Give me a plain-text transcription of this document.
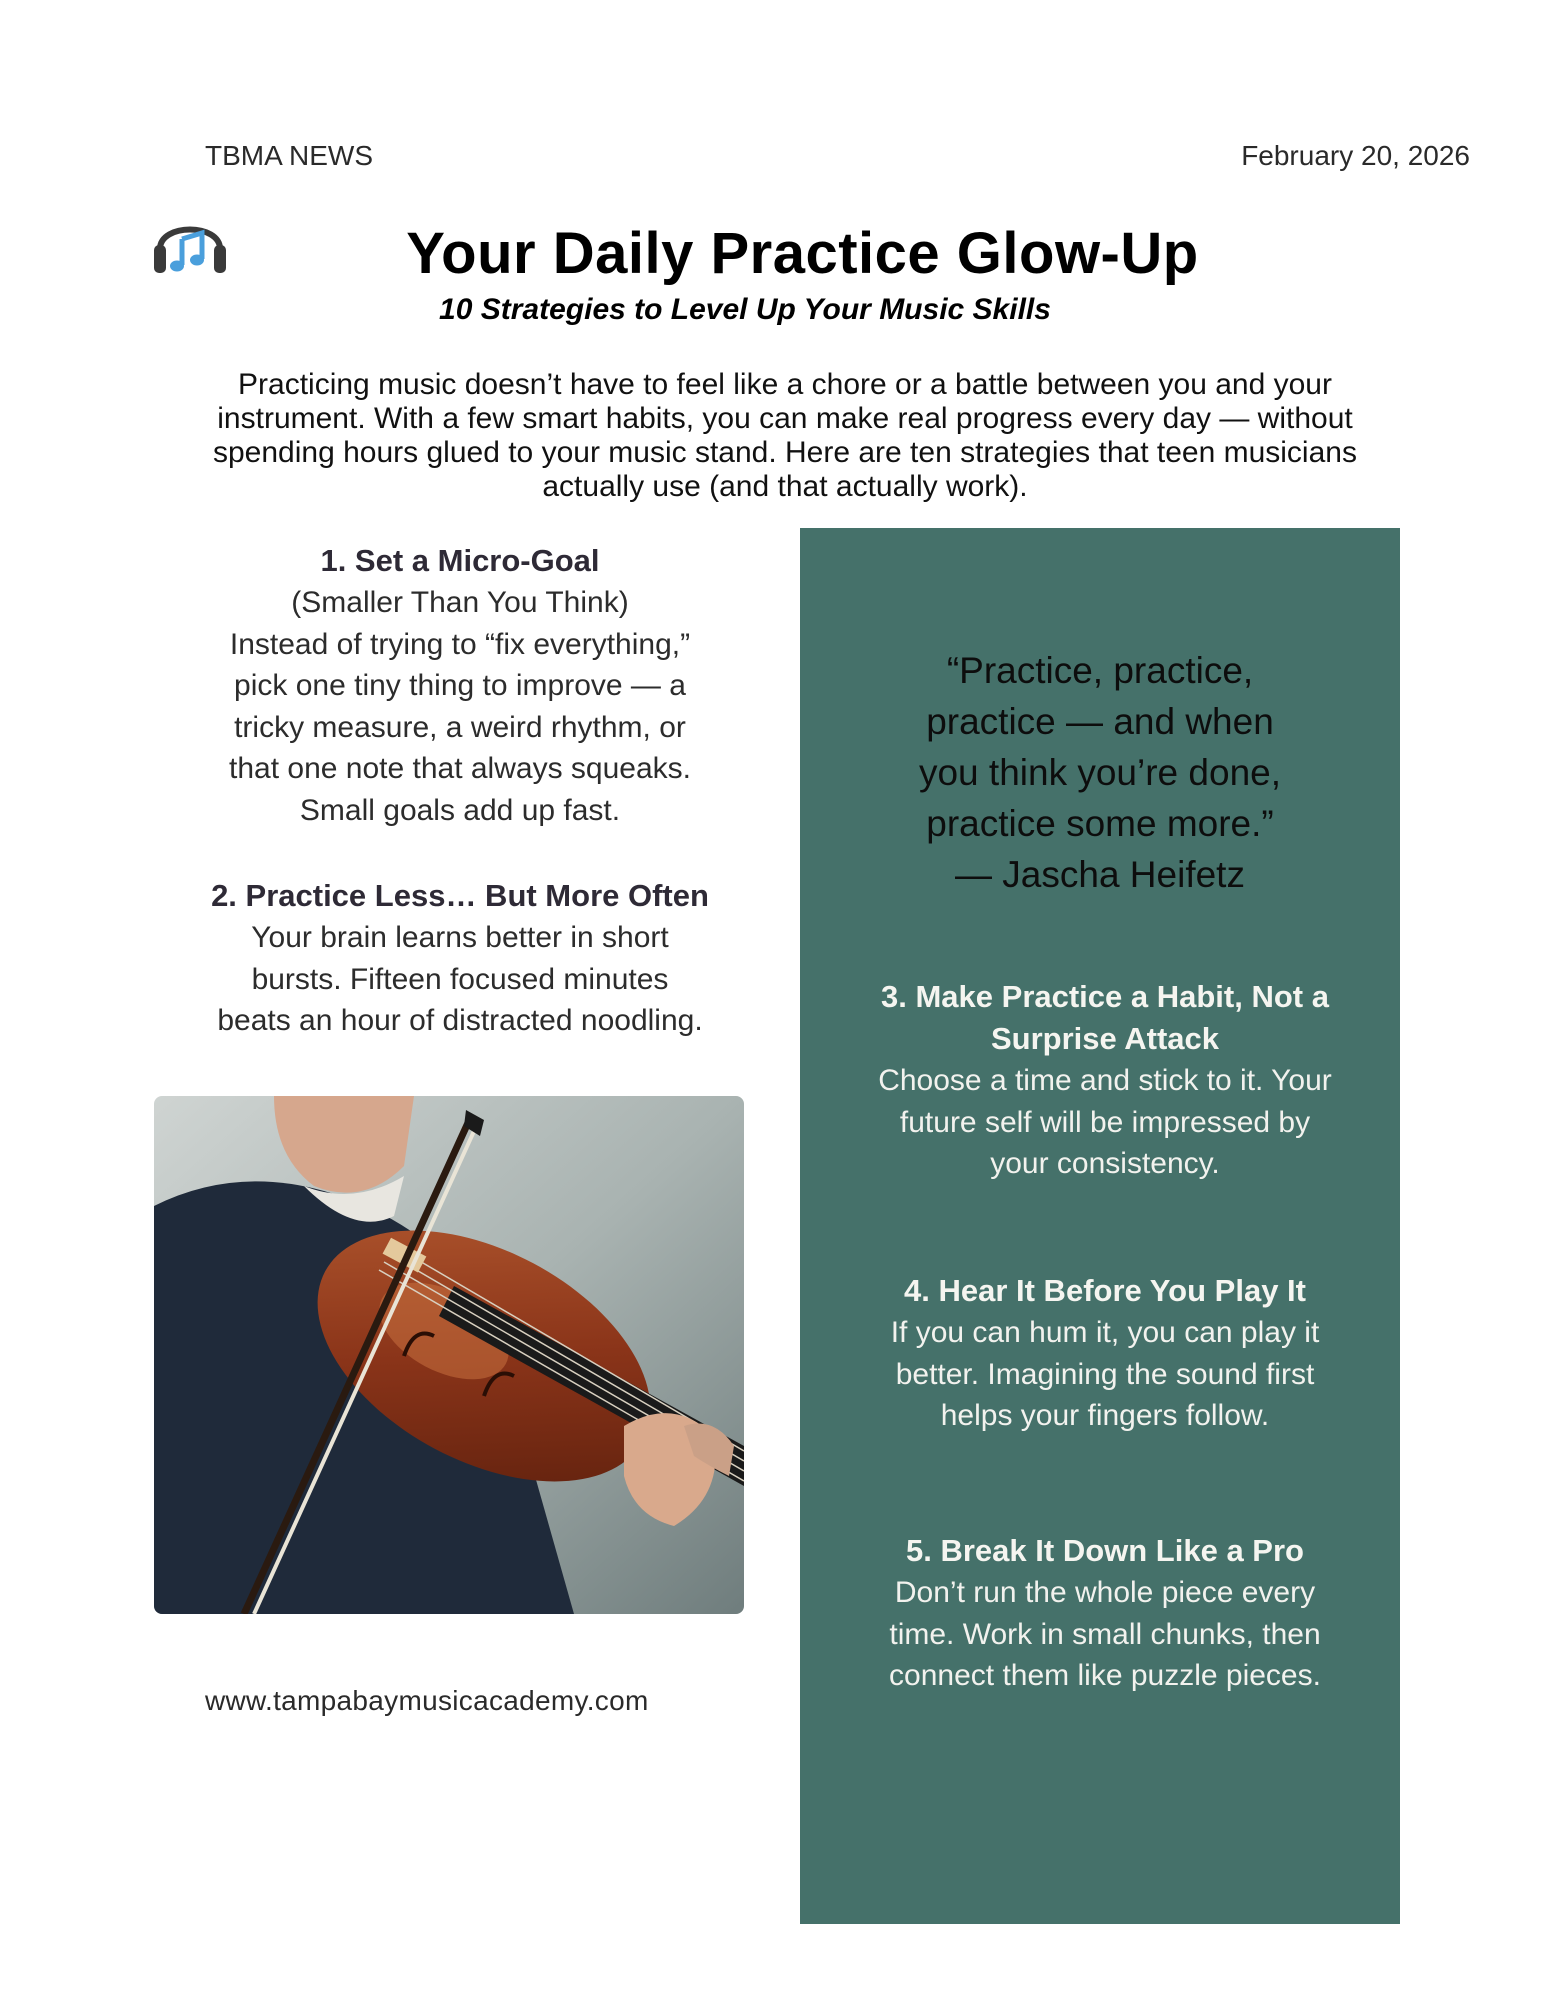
TBMA NEWS	February 20, 2026
Your Daily Practice Glow-Up
10 Strategies to Level Up Your Music Skills
Practicing music doesn’t have to feel like a chore or a battle between you and your
instrument. With a few smart habits, you can make real progress every day — without
spending hours glued to your music stand. Here are ten strategies that teen musicians
actually use (and that actually work).
1. Set a Micro-Goal
(Smaller Than You Think)
Instead of trying to “fix everything,”
pick one tiny thing to improve — a
tricky measure, a weird rhythm, or
that one note that always squeaks.
Small goals add up fast.
2. Practice Less… But More Often
Your brain learns better in short
bursts. Fifteen focused minutes
beats an hour of distracted noodling.
www.tampabaymusicacademy.com
“Practice, practice,
practice — and when
you think you’re done,
practice some more.”
— Jascha Heifetz
3. Make Practice a Habit, Not a
Surprise Attack
Choose a time and stick to it. Your
future self will be impressed by
your consistency.
4. Hear It Before You Play It
If you can hum it, you can play it
better. Imagining the sound first
helps your fingers follow.
5. Break It Down Like a Pro
Don’t run the whole piece every
time. Work in small chunks, then
connect them like puzzle pieces.
